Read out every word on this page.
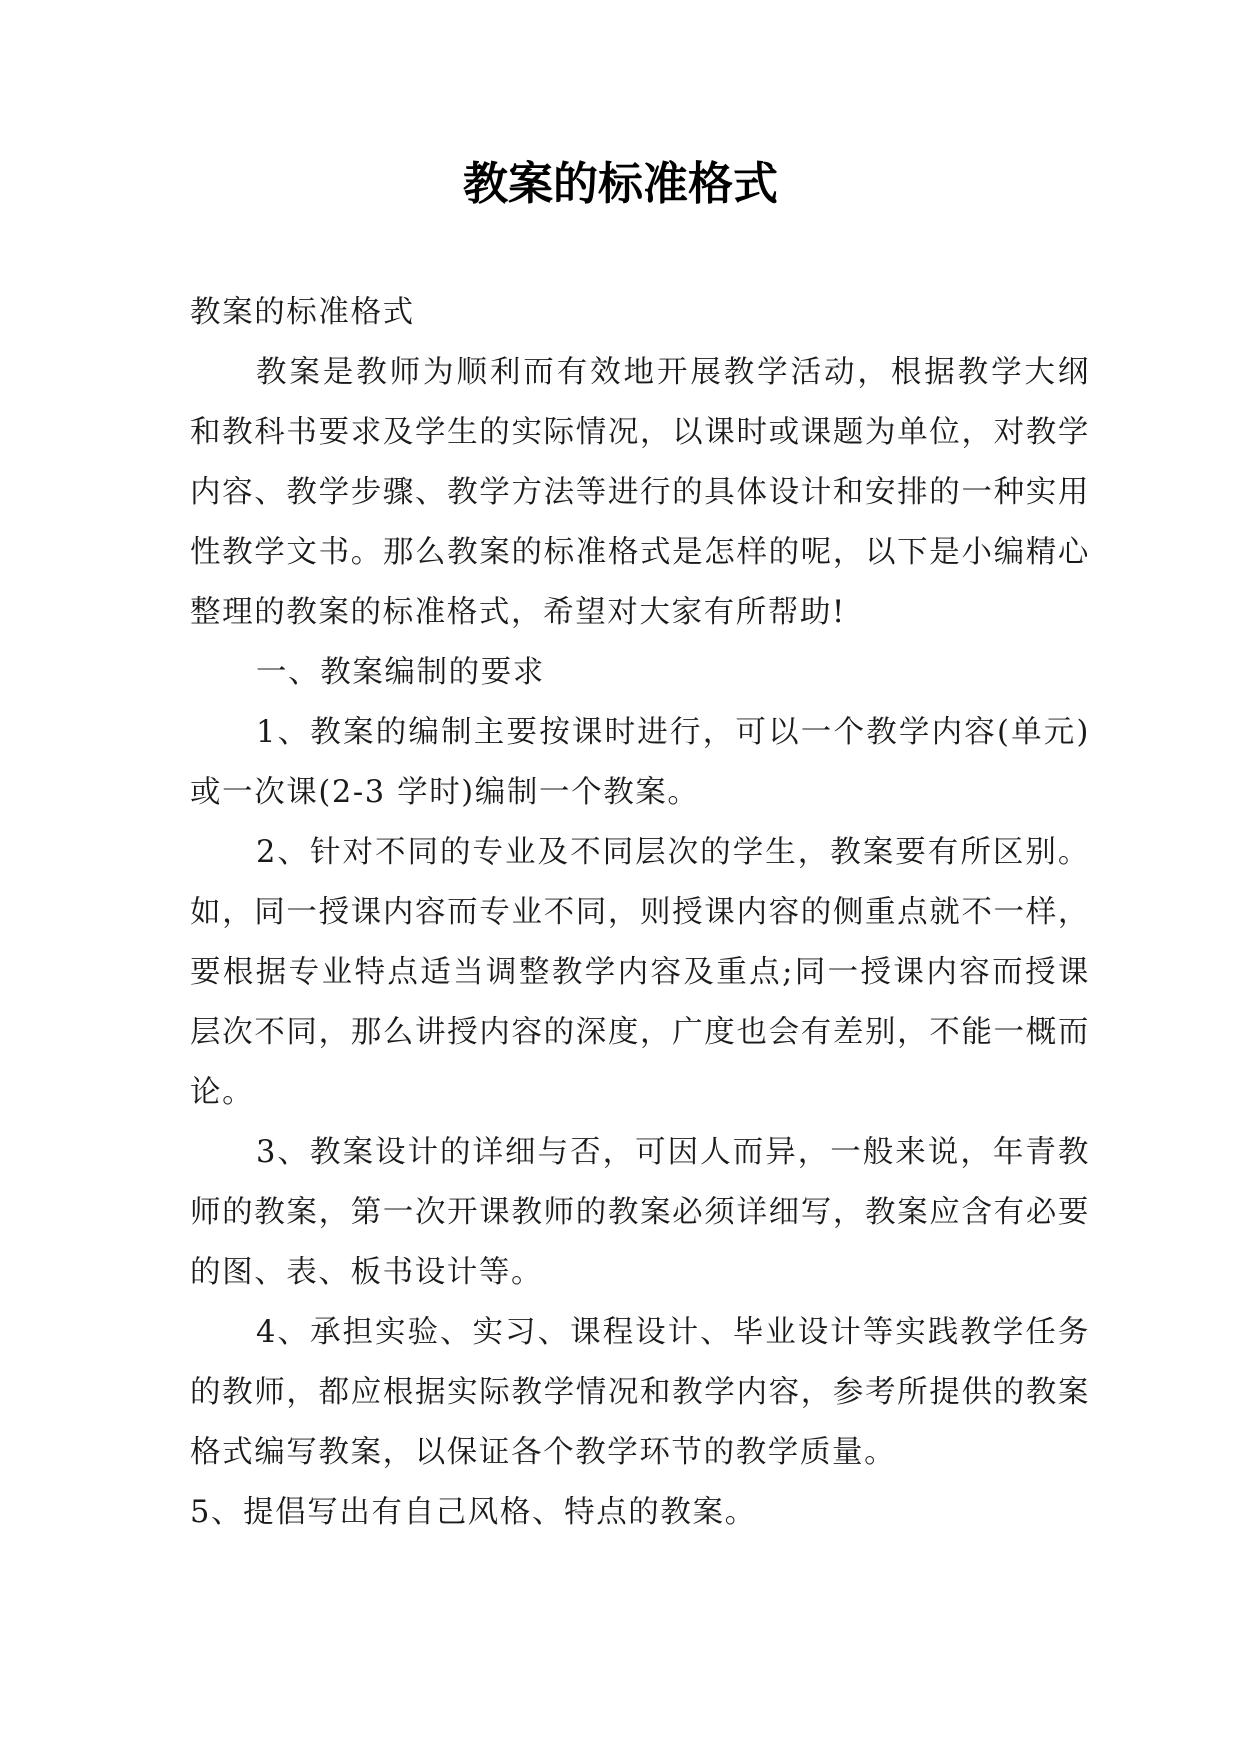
教案的标准格式

教案的标准格式

教案是教师为顺利而有效地开展教学活动，根据教学大纲和教科书要求及学生的实际情况，以课时或课题为单位，对教学内容、教学步骤、教学方法等进行的具体设计和安排的一种实用性教学文书。那么教案的标准格式是怎样的呢，以下是小编精心整理的教案的标准格式，希望对大家有所帮助!

一、教案编制的要求

1、教案的编制主要按课时进行，可以一个教学内容(单元)或一次课(2-3 学时)编制一个教案。

2、针对不同的专业及不同层次的学生，教案要有所区别。如，同一授课内容而专业不同，则授课内容的侧重点就不一样，要根据专业特点适当调整教学内容及重点;同一授课内容而授课层次不同，那么讲授内容的深度，广度也会有差别，不能一概而论。

3、教案设计的详细与否，可因人而异，一般来说，年青教师的教案，第一次开课教师的教案必须详细写，教案应含有必要的图、表、板书设计等。

4、承担实验、实习、课程设计、毕业设计等实践教学任务的教师，都应根据实际教学情况和教学内容，参考所提供的教案格式编写教案，以保证各个教学环节的教学质量。

5、提倡写出有自己风格、特点的教案。
